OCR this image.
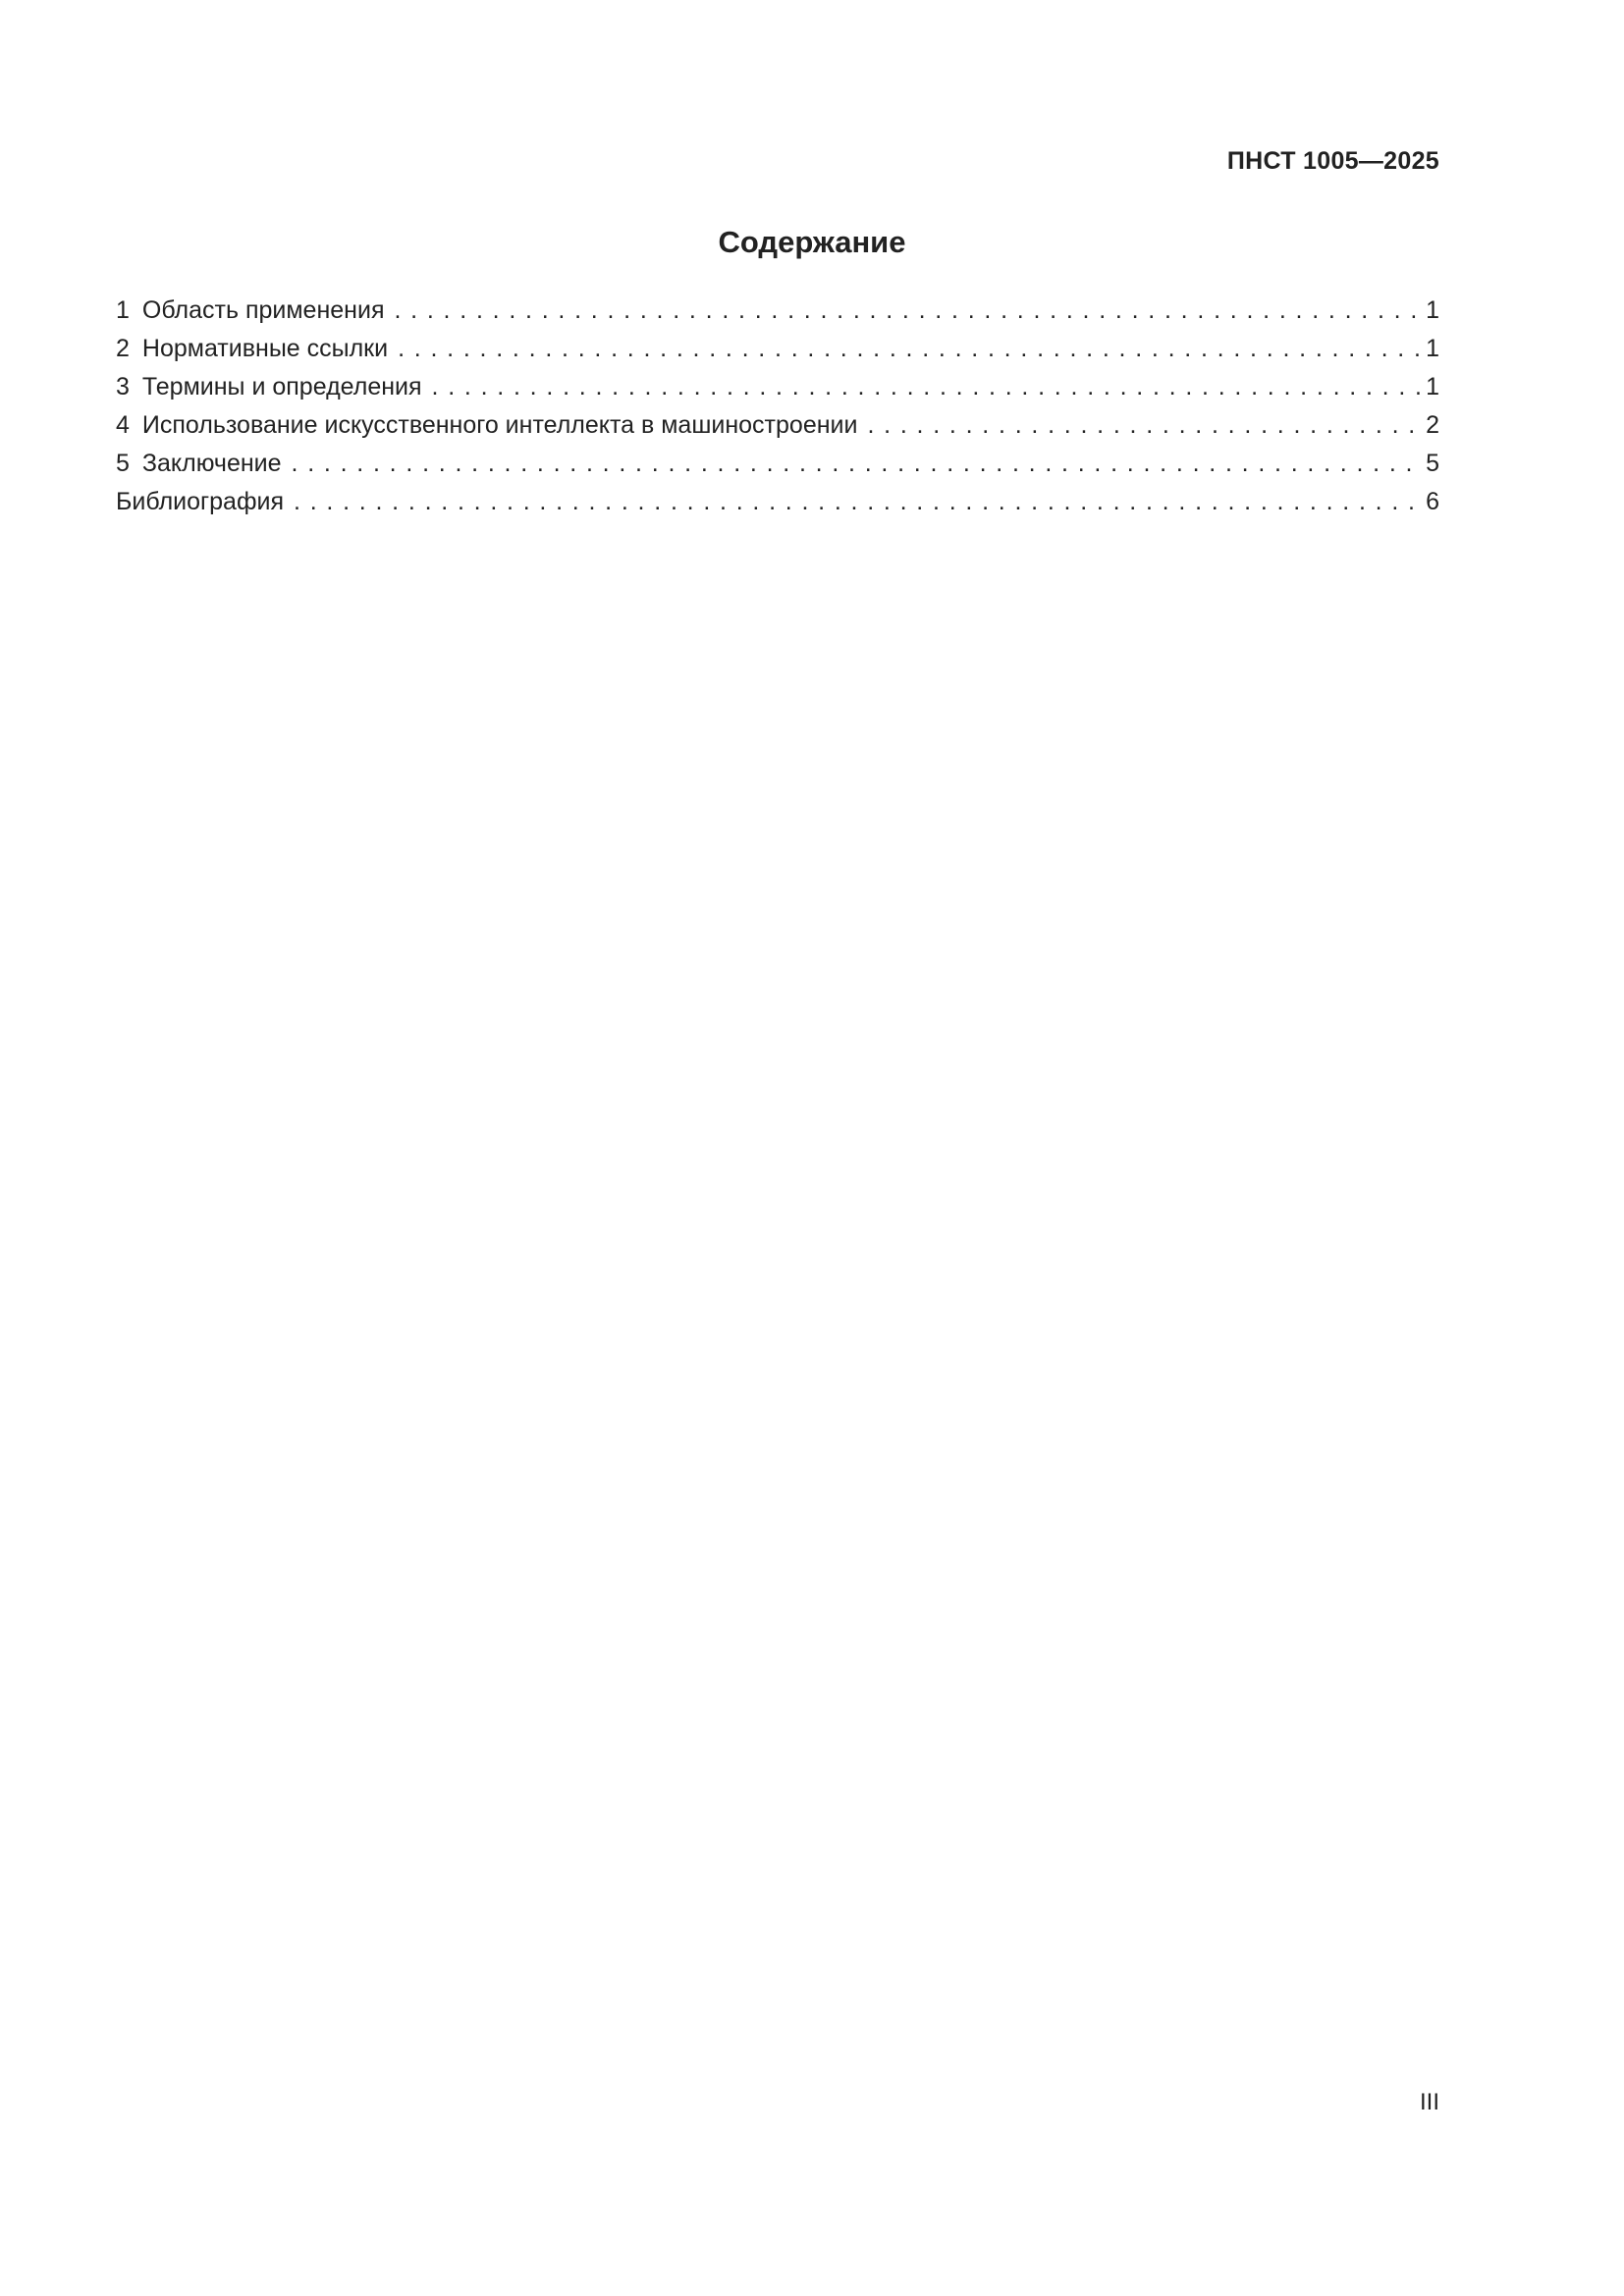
ПНСТ 1005—2025
Содержание
1 Область применения . . .	1
2 Нормативные ссылки . . .	1
3 Термины и определения . . .	1
4 Использование искусственного интеллекта в машиностроении . . .	2
5 Заключение . . .	5
Библиография . . .	6
III
